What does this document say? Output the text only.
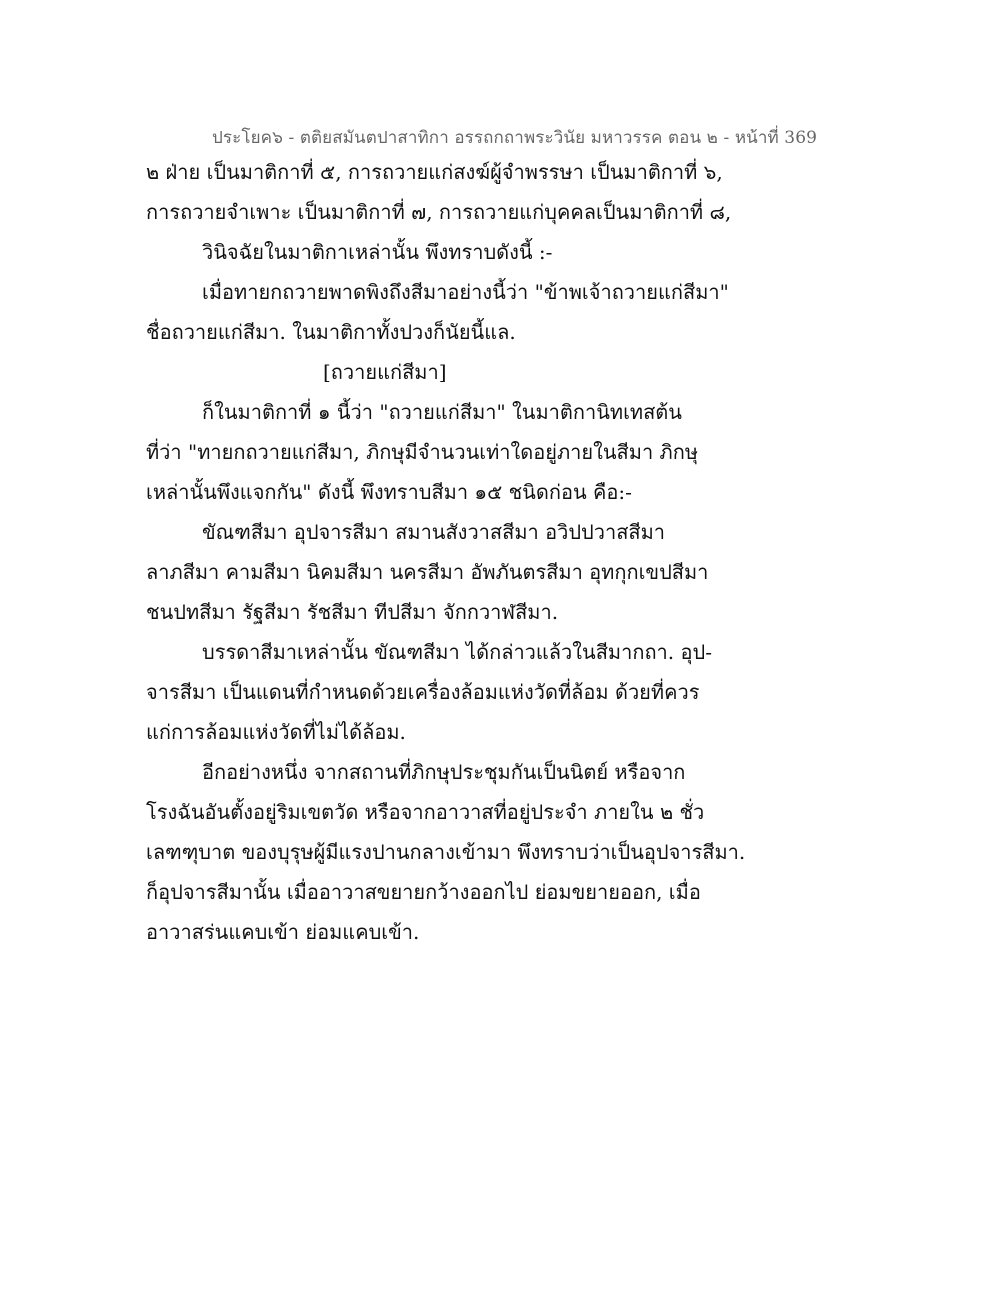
ประโยค๖ - ตติยสมันตปาสาทิกา อรรถกถาพระวินัย มหาวรรค ตอน ๒ - หน้าที่ 369
๒ ฝ่าย เป็นมาติกาที่ ๕, การถวายแก่สงฆ์ผู้จำพรรษา เป็นมาติกาที่ ๖,
การถวายจำเพาะ เป็นมาติกาที่ ๗, การถวายแก่บุคคลเป็นมาติกาที่ ๘,
วินิจฉัยในมาติกาเหล่านั้น พึงทราบดังนี้ :-
เมื่อทายกถวายพาดพิงถึงสีมาอย่างนี้ว่า "ข้าพเจ้าถวายแก่สีมา"
ชื่อถวายแก่สีมา. ในมาติกาทั้งปวงก็นัยนี้แล.
[ถวายแก่สีมา]
ก็ในมาติกาที่ ๑ นี้ว่า "ถวายแก่สีมา" ในมาติกานิทเทสต้น
ที่ว่า "ทายกถวายแก่สีมา, ภิกษุมีจำนวนเท่าใดอยู่ภายในสีมา ภิกษุ
เหล่านั้นพึงแจกกัน" ดังนี้ พึงทราบสีมา ๑๕ ชนิดก่อน คือ:-
ขัณฑสีมา อุปจารสีมา สมานสังวาสสีมา อวิปปวาสสีมา
ลาภสีมา คามสีมา นิคมสีมา นครสีมา อัพภันตรสีมา อุทกุกเขปสีมา
ชนปทสีมา รัฐสีมา รัชสีมา ทีปสีมา จักกวาฬสีมา.
บรรดาสีมาเหล่านั้น ขัณฑสีมา ได้กล่าวแล้วในสีมากถา. อุป-
จารสีมา เป็นแดนที่กำหนดด้วยเครื่องล้อมแห่งวัดที่ล้อม ด้วยที่ควร
แก่การล้อมแห่งวัดที่ไม่ได้ล้อม.
อีกอย่างหนึ่ง จากสถานที่ภิกษุประชุมกันเป็นนิตย์ หรือจาก
โรงฉันอันตั้งอยู่ริมเขตวัด หรือจากอาวาสที่อยู่ประจำ ภายใน ๒ ชั่ว
เลฑฑุบาต ของบุรุษผู้มีแรงปานกลางเข้ามา พึงทราบว่าเป็นอุปจารสีมา.
ก็อุปจารสีมานั้น เมื่ออาวาสขยายกว้างออกไป ย่อมขยายออก, เมื่อ
อาวาสร่นแคบเข้า ย่อมแคบเข้า.
